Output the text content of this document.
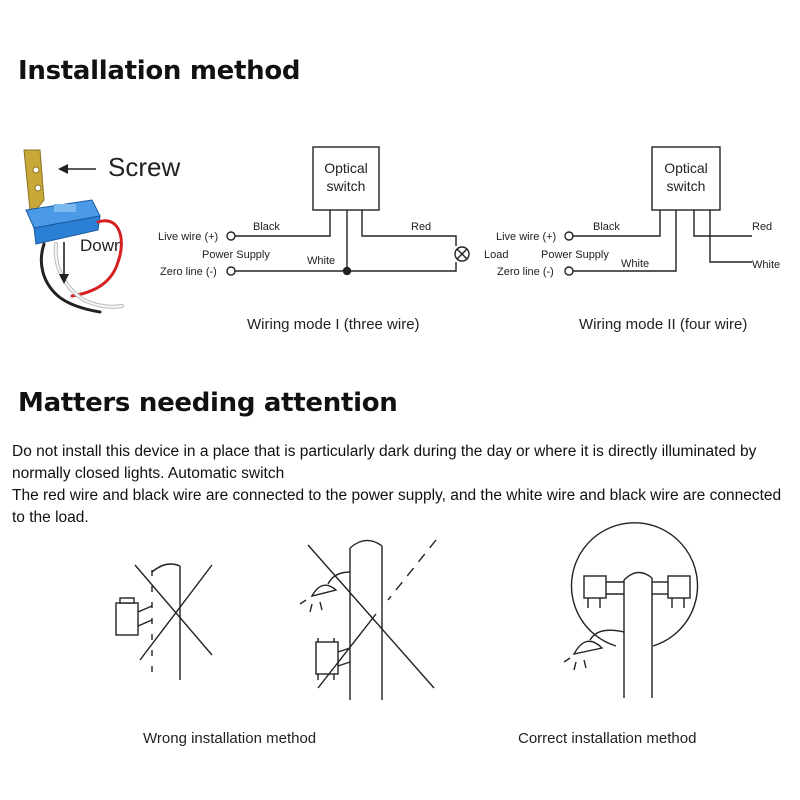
Installation method
Matters needing attention
Screw
Down
Optical
switch
Black	Red
White
Live wire (+)
Power Supply
Zero line (-)
Optical
switch
Black
Live wire (+)
Load	Power Supply
White
Zero line (-)
Red
White
Wiring mode I (three wire)	Wiring mode II (four wire)

Do not install this device in a place that is particularly dark during the day or where it is directly illuminated by normally closed lights. Automatic switch

The red wire and black wire are connected to the power supply, and the white wire and black wire are connected to the load.

Wrong installation method	Correct installation method
